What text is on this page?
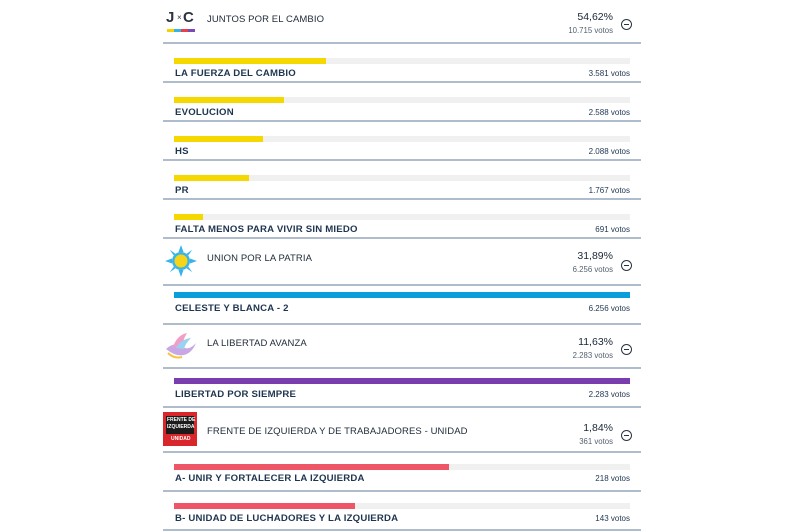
J × C JUNTOS POR EL CAMBIO	54,62%
10.715 votos
LA FUERZA DEL CAMBIO	3.581 votos
EVOLUCION	2.588 votos
HS	2.088 votos
PR	1.767 votos
FALTA MENOS PARA VIVIR SIN MIEDO	691 votos
UNION POR LA PATRIA	31,89%
6.256 votos
CELESTE Y BLANCA - 2	6.256 votos
LA LIBERTAD AVANZA	11,63%
2.283 votos
LIBERTAD POR SIEMPRE	2.283 votos
FRENTE DE
IZQUIERDA
UNIDAD
FRENTE DE IZQUIERDA Y DE TRABAJADORES - UNIDAD	1,84%
361 votos
A- UNIR Y FORTALECER LA IZQUIERDA	218 votos
B- UNIDAD DE LUCHADORES Y LA IZQUIERDA	143 votos
